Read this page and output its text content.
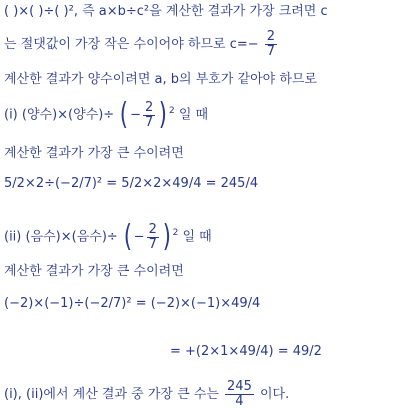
( )×( )÷( )², 즉 a×b÷c²을 계산한 결과가 가장 크려면 c
는 절댓값이 가장 작은 수이어야 하므로 $c=- \frac{2}{7}$
계산한 결과가 양수이려면 a, b의 부호가 같아야 하므로
(i) (양수)×(양수)÷ ( − $\frac{2}{7}$ ) $^2$ 일 때
계산한 결과가 가장 큰 수이려면
5/2×2÷(−2/7)² = 5/2×2×49/4 = 245/4
(ii) (음수)×(음수)÷ ( − $\frac{2}{7}$ ) $^2$ 일 때
계산한 결과가 가장 큰 수이려면
(−2)×(−1)÷(−2/7)² = (−2)×(−1)×49/4
= +(2×1×49/4) = 49/2
(i), (ii)에서 계산 결과 중 가장 큰 수는 $\frac{245}{4}$ 이다.
